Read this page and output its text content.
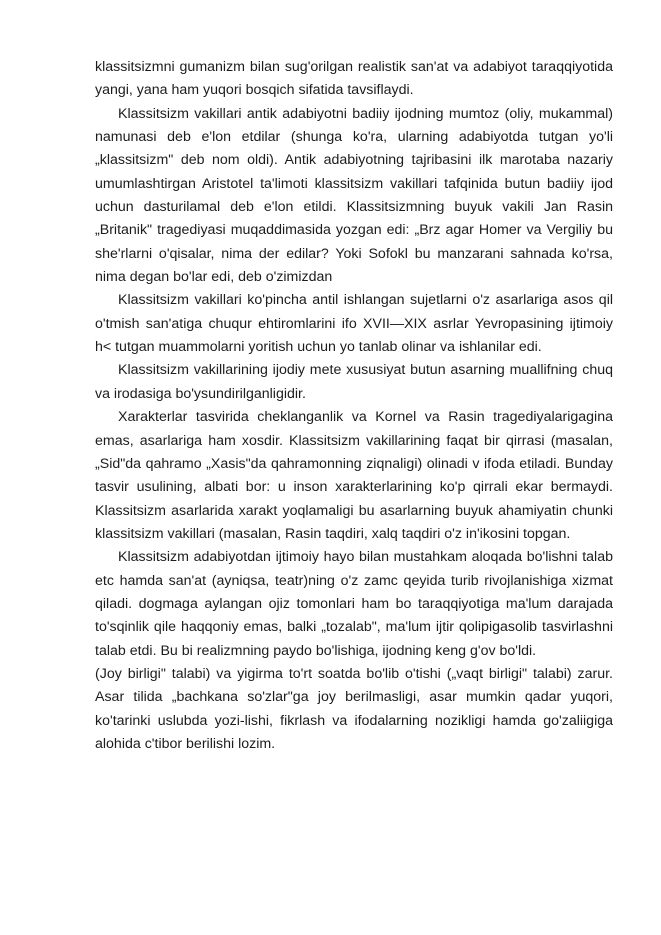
klassitsizmni gumanizm bilan sug'orilgan realistik san'at va adabiyot taraqqiyotida yangi, yana ham yuqori bosqich sifatida tavsiflaydi.

Klassitsizm vakillari antik adabiyotni badiiy ijodning mumtoz (oliy, mukammal) namunasi deb e'lon etdilar (shunga ko'ra, ularning adabiyotda tutgan yo'li „klassitsizm" deb nom oldi). Antik adabiyotning tajribasini ilk marotaba nazariy umumlashtirgan Aristotel ta'limoti klassitsizm vakillari tafqinida butun badiiy ijod uchun dasturilamal deb e'lon etildi. Klassitsizmning buyuk vakili Jan Rasin „Britanik" tragediyasi muqaddimasida yozgan edi: „Brz agar Homer va Vergiliy bu she'rlarni o'qisalar, nima der edilar? Yoki Sofokl bu manzarani sahnada ko'rsa, nima degan bo'lar edi, deb o'zimizdan

Klassitsizm vakillari ko'pincha antil ishlangan sujetlarni o'z asarlariga asos qil o'tmish san'atiga chuqur ehtiromlarini ifo XVII—XIX asrlar Yevropasining ijtimoiy h< tutgan muammolarni yoritish uchun yo tanlab olinar va ishlanilar edi.

Klassitsizm vakillarining ijodiy mete xususiyat butun asarning muallifning chuq va irodasiga bo'ysundirilganligidir.

Xarakterlar tasvirida cheklanganlik va Kornel va Rasin tragediyalarigagina emas, asarlariga ham xosdir. Klassitsizm vakillarining faqat bir qirrasi (masalan, „Sid"da qahramo „Xasis"da qahramonning ziqnaligi) olinadi v ifoda etiladi. Bunday tasvir usulining, albati bor: u inson xarakterlarining ko'p qirrali ekar bermaydi. Klassitsizm asarlarida xarakt yoqlamaligi bu asarlarning buyuk ahamiyatin chunki klassitsizm vakillari (masalan, Rasin taqdiri, xalq taqdiri o'z in'ikosini topgan.

Klassitsizm adabiyotdan ijtimoiy hayo bilan mustahkam aloqada bo'lishni talab etc hamda san'at (ayniqsa, teatr)ning o'z zamc qeyida turib rivojlanishiga xizmat qiladi. dogmaga aylangan ojiz tomonlari ham bo taraqqiyotiga ma'lum darajada to'sqinlik qile haqqoniy emas, balki „tozalab", ma'lum ijtir qolipigasolib tasvirlashni talab etdi. Bu bi realizmning paydo bo'lishiga, ijodning keng g'ov bo'ldi.

(Joy birligi" talabi) va yigirma to'rt soatda bo'lib o'tishi („vaqt birligi" talabi) zarur. Asar tilida „bachkana so'zlar"ga joy berilmasligi, asar mumkin qadar yuqori, ko'tarinki uslubda yozi-lishi, fikrlash va ifodalarning nozikligi hamda go'zaliigiga alohida c'tibor berilishi lozim.
